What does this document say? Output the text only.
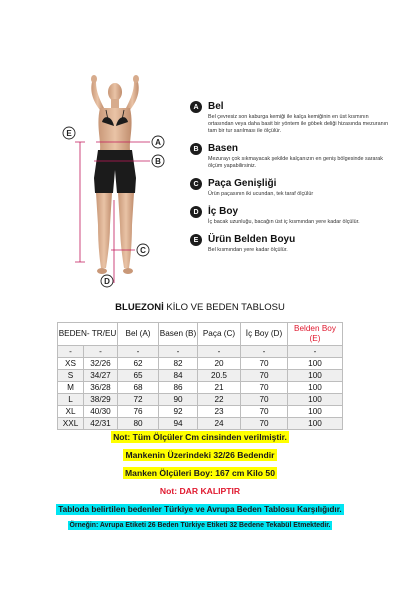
A
B
C
D
E
A Bel
Bel çevresiz son kaburga kemiği ile kalça kemiğinin en üst kısmının ortasından veya daha basit bir yöntem ile göbek deliği hizasında mezuranın tam bir tur sarılması ile ölçülür.
B Basen
Mezurayı çok sıkmayacak şekilde kalçanızın en geniş bölgesinde sararak ölçüm yapabilirsiniz.
C Paça Genişliği
Ürün paçasının iki ucundan, tek taraf ölçülür
D İç Boy
İç bacak uzunluğu, bacağın üst iç kısmından yere kadar ölçülür.
E Ürün Belden Boyu
Bel kısmından yere kadar ölçülür.
BLUEZONİ KİLO VE BEDEN TABLOSU
BEDEN- TR/EU		Bel (A)	Basen (B)	Paça (C)	İç Boy (D)	Belden Boy (E)
-	-	-	-	-	-	-
XS	32/26	62	82	20	70	100
S	34/27	65	84	20.5	70	100
M	36/28	68	86	21	70	100
L	38/29	72	90	22	70	100
XL	40/30	76	92	23	70	100
XXL	42/31	80	94	24	70	100
Not: Tüm Ölçüler Cm cinsinden verilmiştir.
Mankenin Üzerindeki 32/26 Bedendir
Manken Ölçüleri Boy: 167 cm Kilo 50
Not: DAR KALIPTIR
Tabloda belirtilen bedenler Türkiye ve Avrupa Beden Tablosu Karşılığıdır.
Örneğin: Avrupa Etiketi 26 Beden Türkiye Etiketi 32 Bedene Tekabül Etmektedir.
